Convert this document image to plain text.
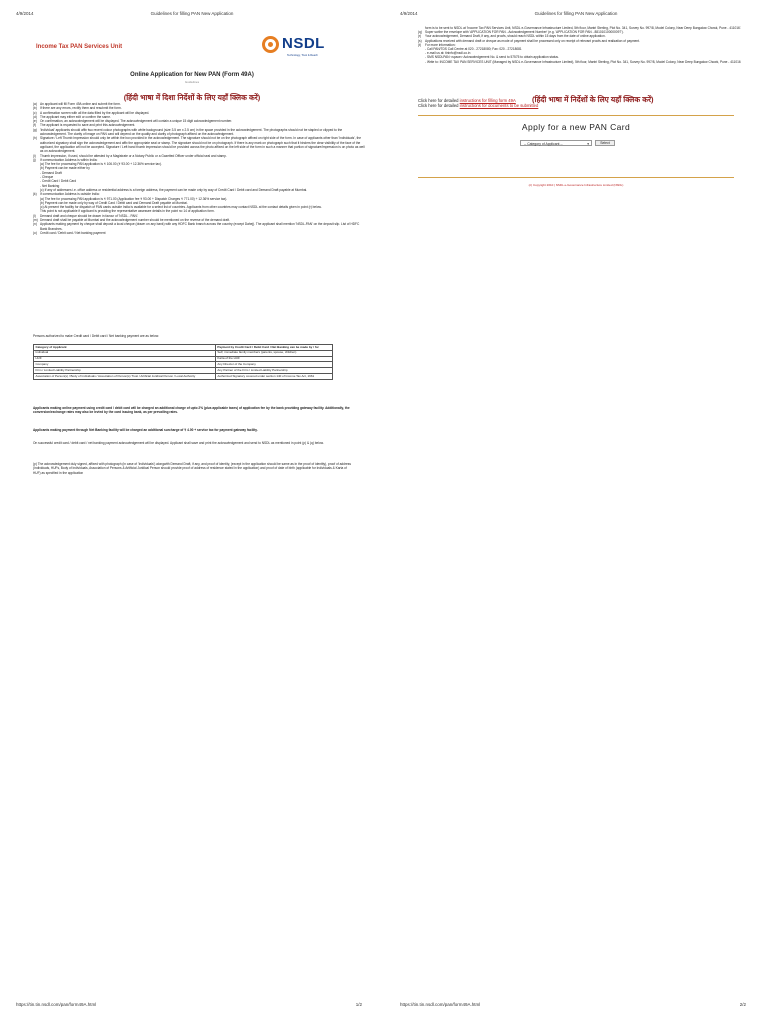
4/9/2014	Guidelines for filling PAN New Application
Income Tax PAN Services Unit	NSDL
Technology, Trust & Reach
Online Application for New PAN (Form 49A)
Guidelines
(हिंदी भाषा में दिशा निर्देशों के लिए यहाँ क्लिक करें)
(a) An applicant will fill Form 49A online and submit the form.
(b) If there are any errors, rectify them and resubmit the form.
(c)	A confirmation screen with all the data filled by the applicant will be displayed.
(d) The applicant may either edit or confirm the same.
(e) On confirmation, an acknowledgement will be displayed. The acknowledgement will contain a unique 15 digit acknowledgement number.
(f)	The applicant is requested to save and print this acknowledgement.
(g) 'Individual' applicants should affix two recent colour photographs with white background (size 3.5 cm x 2.5 cm) in the space provided in the acknowledgement. The photographs should not be stapled or clipped to the acknowledgement. The clarity of image on PAN card will depend on the quality and clarity of photograph affixed on the acknowledgement.
(h) Signature / Left Thumb Impression should only be within the box provided in the acknowledgement. The signature should not be on the photograph affixed on right side of the form. In case of applicants other than 'Individuals', the authorized signatory shall sign the acknowledgement and affix the appropriate seal or stamp. The signature should not be on photograph. If there is any mark on photograph such that it hinders the clear visibility of the face of the applicant, the application will not be accepted. Signature / Left hand thumb impression should be provided across the photo affixed on the left side of the form in such a manner that portion of signature/impression is on photo as well as on acknowledgement.
(i)	Thumb impression, if used, should be attested by a Magistrate or a Notary Public or a Gazetted Officer under official seal and stamp.
(j)	If communication Address is within India:
(a) The fee for processing PAN application is ₹ 106.00 (₹ 93.00 + 12.36% service tax).
(b) Payment can be made either by
- Demand Draft
- Cheque
- Credit Card / Debit Card
- Net Banking
(c) If any of addresses i.e. office address or residential address is a foreign address, the payment can be made only by way of Credit Card / Debit card and Demand Draft payable at Mumbai.
(k)	If communication Address is outside India:
(a) The fee for processing PAN application is ₹ 971.00 (Application fee ₹ 93.00 + Dispatch Charges ₹ 771.00) + 12.36% service tax).
(b) Payment can be made only by way of Credit Card / Debit card and Demand Draft payable at Mumbai.
(c) At present the facility for dispatch of PAN cards outside India is available for a select list of countries. Applicants from other countries may contact NSDL at the contact details given in point (r) below.
This point is not applicable if applicant is providing the representative assessee details in the point no 14 of application form.
(l)	Demand draft and cheque should be drawn in favour of 'NSDL - PAN'.
(m) Demand draft shall be payable at Mumbai and the acknowledgement number should be mentioned on the reverse of the demand draft.
(n) Applicants making payment by cheque shall deposit a local cheque (drawn on any bank) with any HDFC Bank branch across the country (except Dahej). The applicant shall mention 'NSDL-PAN' on the deposit slip. List of HDFC Bank Branches.
(o) Credit card / Debit card / Net banking payment
Persons authorized to make Credit card / Debit card / Net banking payment are as below:
Category of Applicant	Payment by Credit Card / Debit Card / Net Banking can be made by / for
Individual	Self, immediate family members (parents, spouse, children)
HUF	Karta of the HUF
Company	Any Director of the Company
Firm / Limited Liability Partnership	Any Partner of the Firm / Limited Liability Partnership
Association of Person(s) / Body of Individuals / Association of Person(s) Trust / Artificial Juridical Person / Local Authority	Authorized Signatory covered under section 140 of Income Tax Act, 1961
Applicants making online payment using credit card / debit card will be charged an additional charge of upto 2% (plus applicable taxes) of application fee by the bank providing gateway facility. Additionally, the conversion/exchange rates may also be levied by the card issuing bank, as per prevailing rates.
Applicants making payment through Net Banking facility will be charged an additional surcharge of ₹ 4.00 + service tax for payment gateway facility.
On successful credit card / debit card / net banking payment acknowledgement will be displayed. Applicant shall save and print the acknowledgement and send to NSDL as mentioned in point (p) & (q) below.
(p) The acknowledgement duly signed, affixed with photograph (in case of 'Individuals') alongwith Demand Draft, if any, and proof of identity, (except in the application should be same as in the proof of identity), proof of address (Individuals, HUFs, Body of Individuals, Association of Persons & Artificial Juridical Person should provide proof of address of residence stated in the application) and proof of date of birth (applicable for Individuals & Karta of HUF) as specified in the application
https://tin.tin.nsdl.com/pan/form49A.html	1/2
4/9/2014	Guidelines for filling PAN New Application
form is to be sent to NSDL at 'Income Tax PAN Services Unit, NSDL e-Governance Infrastructure Limited, 5th floor, Mantri Sterling, Plot No. 341, Survey No. 997/8, Model Colony, Near Deep Bungalow Chowk, Pune - 411016'.
(q) Super scribe the envelope with 'APPLICATION FOR PAN - Acknowledgement Number' (e.g. 'APPLICATION FOR PAN - 881010100000097').
(r)	Your acknowledgement, Demand Draft, if any, and proofs, should reach NSDL within 15 days from the date of online application.
(s)	Applications received with demand draft or cheque as mode of payment shall be processed only on receipt of relevant proofs and realization of payment.
(t)	For more information:
- Call PAN/TDS Call Centre at 020 - 27218080; Fax: 020 - 27218081
- e-mail us at: tininfo@nsdl.co.in
- SMS NSDLPAN <space> Acknowledgement No. & send to 57575 to obtain application status.
- Write to: INCOME TAX PAN SERVICES UNIT (Managed by NSDL e-Governance Infrastructure Limited), 5th floor, Mantri Sterling, Plot No. 341, Survey No. 997/8, Model Colony, Near Deep Bungalow Chowk, Pune - 411016
Click here for detailed instructions for filling form 49A
Click here for detailed instructions for documents to be submitted
(हिंदी भाषा में निर्देशों के लिए यहाँ क्लिक करें)
Apply for a new PAN Card
-- Category of Applicant -- ▾	Select
(c) Copyright 2010 | NSDL e-Governance Infrastructure Limited (NSDL)
https://tin.tin.nsdl.com/pan/form49A.html	2/2
